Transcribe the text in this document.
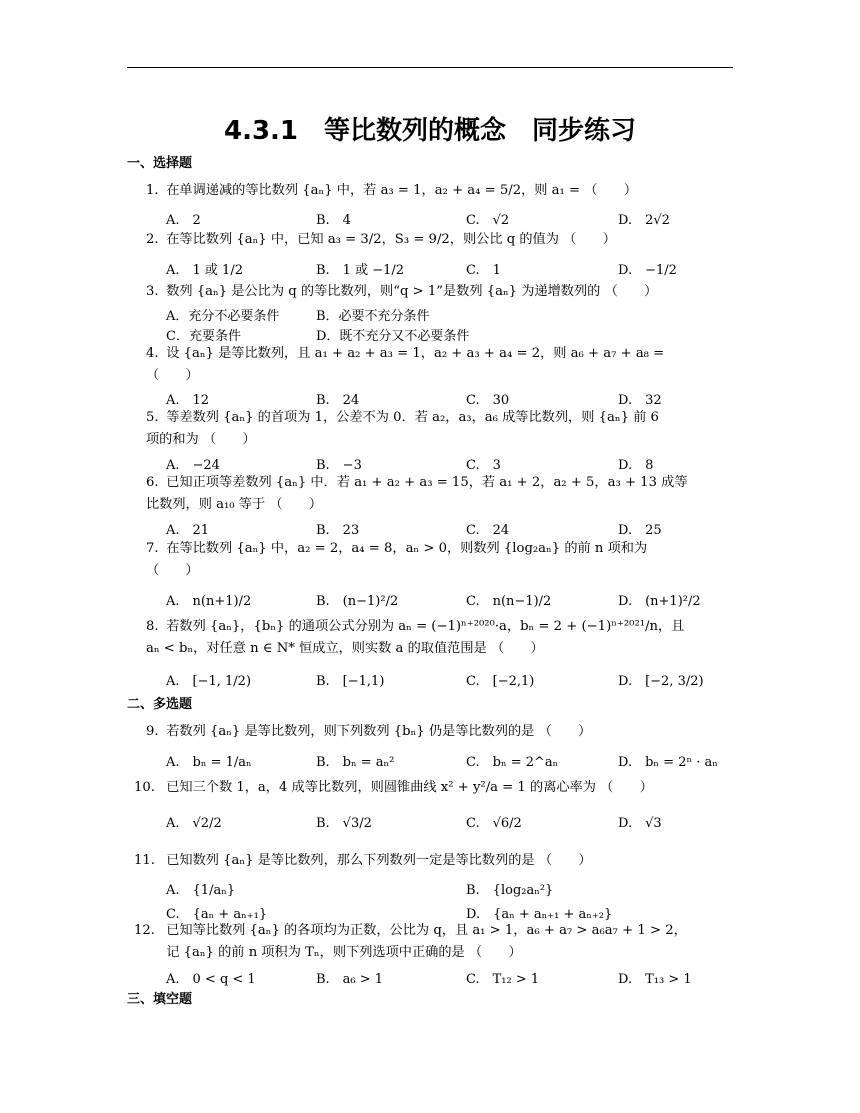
4.3.1　等比数列的概念　同步练习
一、选择题
1. 在单调递减的等比数列 {aₙ} 中，若 a₃ = 1，a₂ + a₄ = 5/2，则 a₁ = （　　）
A.　2	B.　4	C.　√2	D.　2√2
2. 在等比数列 {aₙ} 中，已知 a₃ = 3/2，S₃ = 9/2，则公比 q 的值为 （　　）
A.　1 或 1/2	B.　1 或 −1/2	C.　1	D.　−1/2
3. 数列 {aₙ} 是公比为 q 的等比数列，则“q > 1”是数列 {aₙ} 为递增数列的 （　　）
A．充分不必要条件	B．必要不充分条件
C．充要条件	D．既不充分又不必要条件
4. 设 {aₙ} 是等比数列，且 a₁ + a₂ + a₃ = 1，a₂ + a₃ + a₄ = 2，则 a₆ + a₇ + a₈ =
（　　）
A.　12	B.　24	C.　30	D.　32
5. 等差数列 {aₙ} 的首项为 1，公差不为 0．若 a₂，a₃，a₆ 成等比数列，则 {aₙ} 前 6
项的和为 （　　）
A.　−24	B.　−3	C.　3	D.　8
6. 已知正项等差数列 {aₙ} 中．若 a₁ + a₂ + a₃ = 15，若 a₁ + 2，a₂ + 5，a₃ + 13 成等
比数列，则 a₁₀ 等于 （　　）
A.　21	B.　23	C.　24	D.　25
7. 在等比数列 {aₙ} 中，a₂ = 2，a₄ = 8，aₙ > 0，则数列 {log₂aₙ} 的前 n 项和为
（　　）
A.　n(n+1)/2	B.　(n−1)²/2	C.　n(n−1)/2	D.　(n+1)²/2
8. 若数列 {aₙ}，{bₙ} 的通项公式分别为 aₙ = (−1)ⁿ⁺²⁰²⁰·a，bₙ = 2 + (−1)ⁿ⁺²⁰²¹/n，且
aₙ < bₙ，对任意 n ∈ N* 恒成立，则实数 a 的取值范围是 （　　）
A.　[−1, 1/2)	B.　[−1,1)	C.　[−2,1)	D.　[−2, 3/2)
二、多选题
9. 若数列 {aₙ} 是等比数列，则下列数列 {bₙ} 仍是等比数列的是 （　　）
A.　bₙ = 1/aₙ	B.　bₙ = aₙ²	C.　bₙ = 2^aₙ	D.　bₙ = 2ⁿ · aₙ
10. 已知三个数 1，a，4 成等比数列，则圆锥曲线 x² + y²/a = 1 的离心率为 （　　）
A.　√2/2	B.　√3/2	C.　√6/2	D.　√3
11. 已知数列 {aₙ} 是等比数列，那么下列数列一定是等比数列的是 （　　）
A.　{1/aₙ}	B.　{log₂aₙ²}
C.　{aₙ + aₙ₊₁}	D.　{aₙ + aₙ₊₁ + aₙ₊₂}
12. 已知等比数列 {aₙ} 的各项均为正数，公比为 q，且 a₁ > 1，a₆ + a₇ > a₆a₇ + 1 > 2，
记 {aₙ} 的前 n 项积为 Tₙ，则下列选项中正确的是 （　　）
A.　0 < q < 1	B.　a₆ > 1	C.　T₁₂ > 1	D.　T₁₃ > 1
三、填空题
